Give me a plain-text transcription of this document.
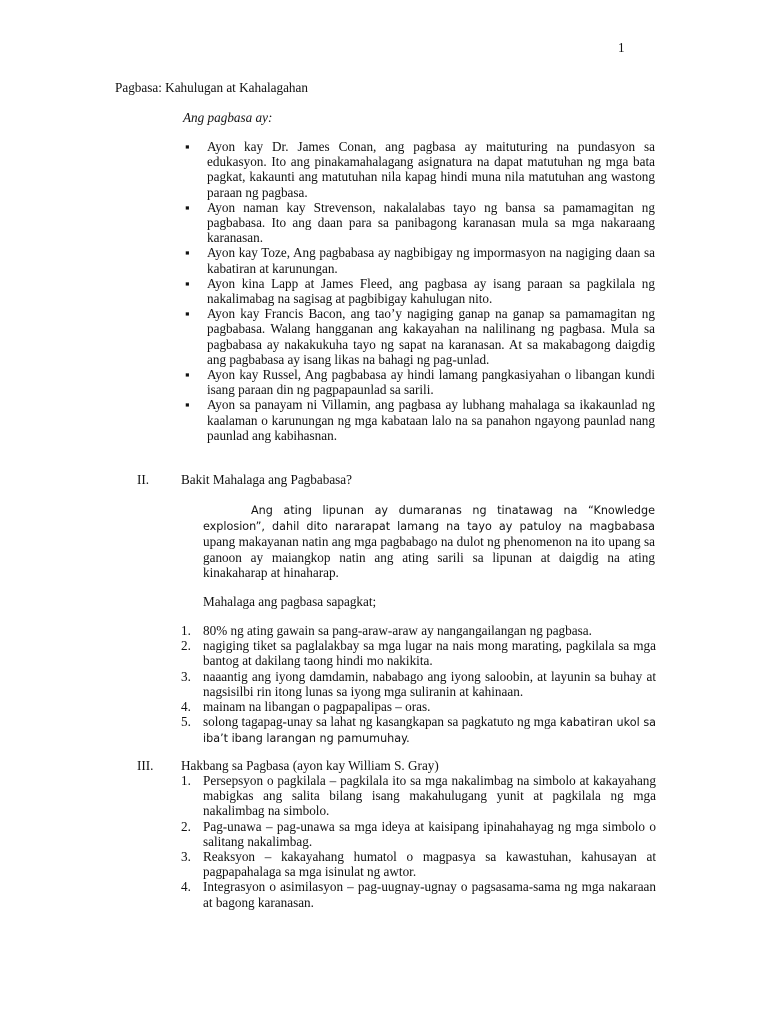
1
Pagbasa: Kahulugan at Kahalagahan
Ang pagbasa ay:
▪ Ayon kay Dr. James Conan, ang pagbasa ay maituturing na pundasyon sa edukasyon. Ito ang pinakamahalagang asignatura na dapat matutuhan ng mga bata pagkat, kakaunti ang matutuhan nila kapag hindi muna nila matutuhan ang wastong paraan ng pagbasa.
▪ Ayon naman kay Strevenson, nakalalabas tayo ng bansa sa pamamagitan ng pagbabasa. Ito ang daan para sa panibagong karanasan mula sa mga nakaraang karanasan.
▪ Ayon kay Toze, Ang pagbabasa ay nagbibigay ng impormasyon na nagiging daan sa kabatiran at karunungan.
▪ Ayon kina Lapp at James Fleed, ang pagbasa ay isang paraan sa pagkilala ng nakalimabag na sagisag at pagbibigay kahulugan nito.
▪ Ayon kay Francis Bacon, ang tao’y nagiging ganap na ganap sa pamamagitan ng pagbabasa. Walang hangganan ang kakayahan na nalilinang ng pagbasa. Mula sa pagbabasa ay nakakukuha tayo ng sapat na karanasan. At sa makabagong daigdig ang pagbabasa ay isang likas na bahagi ng pag-unlad.
▪ Ayon kay Russel, Ang pagbabasa ay hindi lamang pangkasiyahan o libangan kundi isang paraan din ng pagpapaunlad sa sarili.
▪ Ayon sa panayam ni Villamin, ang pagbasa ay lubhang mahalaga sa ikakaunlad ng kaalaman o karunungan ng mga kabataan lalo na sa panahon ngayong paunlad nang paunlad ang kabihasnan.
II. Bakit Mahalaga ang Pagbabasa?
Ang ating lipunan ay dumaranas ng tinatawag na “Knowledge explosion”, dahil dito nararapat lamang na tayo ay patuloy na magbabasa upang makayanan natin ang mga pagbabago na dulot ng phenomenon na ito upang sa ganoon ay maiangkop natin ang ating sarili sa lipunan at daigdig na ating kinakaharap at hinaharap.
Mahalaga ang pagbasa sapagkat;
1. 80% ng ating gawain sa pang-araw-araw ay nangangailangan ng pagbasa.
2. nagiging tiket sa paglalakbay sa mga lugar na nais mong marating, pagkilala sa mga bantog at dakilang taong hindi mo nakikita.
3. naaantig ang iyong damdamin, nababago ang iyong saloobin, at layunin sa buhay at nagsisilbi rin itong lunas sa iyong mga suliranin at kahinaan.
4. mainam na libangan o pagpapalipas – oras.
5. solong tagapag-unay sa lahat ng kasangkapan sa pagkatuto ng mga kabatiran ukol sa iba’t ibang larangan ng pamumuhay.
III. Hakbang sa Pagbasa (ayon kay William S. Gray)
1. Persepsyon o pagkilala – pagkilala ito sa mga nakalimbag na simbolo at kakayahang mabigkas ang salita bilang isang makahulugang yunit at pagkilala ng mga nakalimbag na simbolo.
2. Pag-unawa – pag-unawa sa mga ideya at kaisipang ipinahahayag ng mga simbolo o salitang nakalimbag.
3. Reaksyon – kakayahang humatol o magpasya sa kawastuhan, kahusayan at pagpapahalaga sa mga isinulat ng awtor.
4. Integrasyon o asimilasyon – pag-uugnay-ugnay o pagsasama-sama ng mga nakaraan at bagong karanasan.
